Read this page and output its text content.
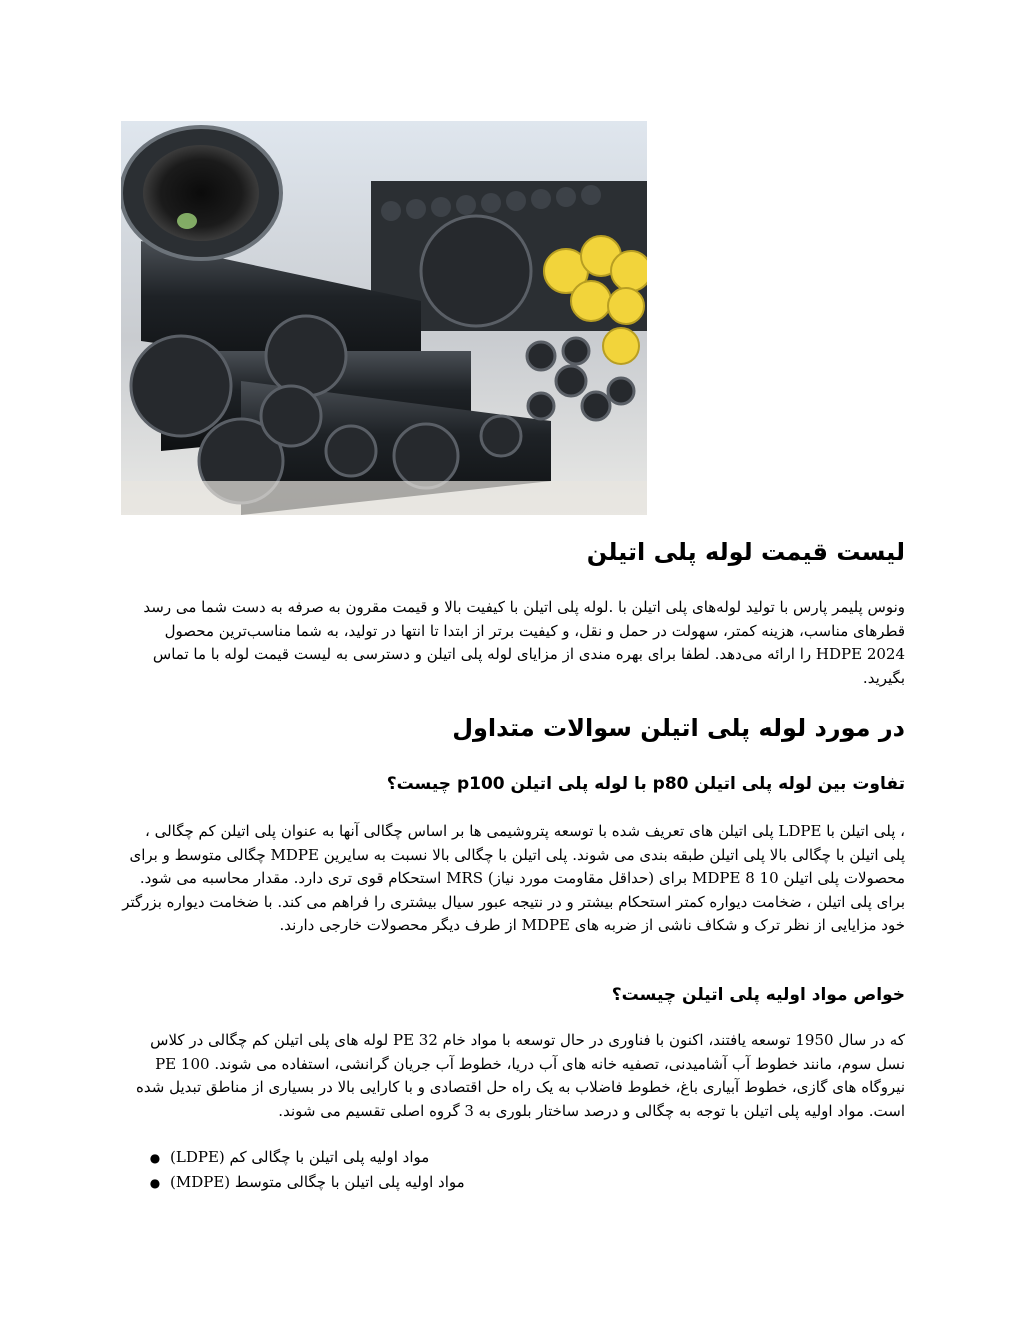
لیست قیمت لوله پلی اتیلن

ونوس پلیمر پارس با تولید لوله‌های پلی اتیلن با .لوله پلی اتیلن با کیفیت بالا و قیمت مقرون به صرفه به دست شما می رسد قطرهای مناسب، هزینه کمتر، سهولت در حمل و نقل، و کیفیت برتر از ابتدا تا انتها در تولید، به شما مناسب‌ترین محصول HDPE 2024 را ارائه می‌دهد. لطفا برای بهره مندی از مزایای لوله پلی اتیلن و دسترسی به لیست قیمت لوله با ما تماس بگیرید.

در مورد لوله پلی اتیلن سوالات متداول
تفاوت بین لوله پلی اتیلن p80 با لوله پلی اتیلن p100 چیست؟

، پلی اتیلن با LDPE پلی اتیلن های تعریف شده با توسعه پتروشیمی ها بر اساس چگالی آنها به عنوان پلی اتیلن کم چگالی ، پلی اتیلن با چگالی بالا پلی اتیلن طبقه بندی می شوند. پلی اتیلن با چگالی بالا نسبت به سایرین MDPE چگالی متوسط و برای محصولات پلی اتیلن 10 MDPE 8 برای (حداقل مقاومت مورد نیاز) MRS استحکام قوی تری دارد. مقدار محاسبه می شود. برای پلی اتیلن ، ضخامت دیواره کمتر استحکام بیشتر و در نتیجه عبور سیال بیشتری را فراهم می کند. با ضخامت دیواره بزرگتر خود مزایایی از نظر ترک و شکاف ناشی از ضربه های MDPE از طرف دیگر محصولات خارجی دارند.

خواص مواد اولیه پلی اتیلن چیست؟

که در سال 1950 توسعه یافتند، اکنون با فناوری در حال توسعه با مواد خام PE 32 لوله های پلی اتیلن کم چگالی در کلاس نسل سوم، مانند خطوط آب آشامیدنی، تصفیه خانه های آب دریا، خطوط آب جریان گرانشی، استفاده می شوند. PE 100 نیروگاه های گازی، خطوط آبیاری باغ، خطوط فاضلاب به یک راه حل اقتصادی و با کارایی بالا در بسیاری از مناطق تبدیل شده است. مواد اولیه پلی اتیلن با توجه به چگالی و درصد ساختار بلوری به 3 گروه اصلی تقسیم می شوند.

● مواد اولیه پلی اتیلن با چگالی کم (LDPE)
● مواد اولیه پلی اتیلن با چگالی متوسط (MDPE)
